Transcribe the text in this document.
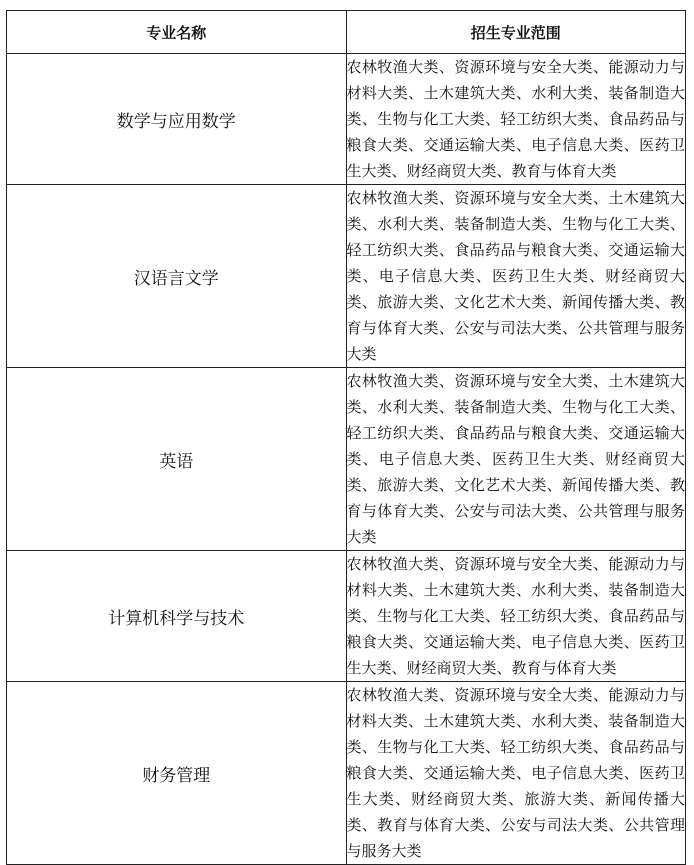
专业名称	招生专业范围
数学与应用数学	农林牧渔大类、资源环境与安全大类、能源动力与材料大类、土木建筑大类、水利大类、装备制造大类、生物与化工大类、轻工纺织大类、食品药品与粮食大类、交通运输大类、电子信息大类、医药卫生大类、财经商贸大类、教育与体育大类
汉语言文学	农林牧渔大类、资源环境与安全大类、土木建筑大类、水利大类、装备制造大类、生物与化工大类、轻工纺织大类、食品药品与粮食大类、交通运输大类、电子信息大类、医药卫生大类、财经商贸大类、旅游大类、文化艺术大类、新闻传播大类、教育与体育大类、公安与司法大类、公共管理与服务大类
英语	农林牧渔大类、资源环境与安全大类、土木建筑大类、水利大类、装备制造大类、生物与化工大类、轻工纺织大类、食品药品与粮食大类、交通运输大类、电子信息大类、医药卫生大类、财经商贸大类、旅游大类、文化艺术大类、新闻传播大类、教育与体育大类、公安与司法大类、公共管理与服务大类
计算机科学与技术	农林牧渔大类、资源环境与安全大类、能源动力与材料大类、土木建筑大类、水利大类、装备制造大类、生物与化工大类、轻工纺织大类、食品药品与粮食大类、交通运输大类、电子信息大类、医药卫生大类、财经商贸大类、教育与体育大类
财务管理	农林牧渔大类、资源环境与安全大类、能源动力与材料大类、土木建筑大类、水利大类、装备制造大类、生物与化工大类、轻工纺织大类、食品药品与粮食大类、交通运输大类、电子信息大类、医药卫生大类、财经商贸大类、旅游大类、新闻传播大类、教育与体育大类、公安与司法大类、公共管理与服务大类
